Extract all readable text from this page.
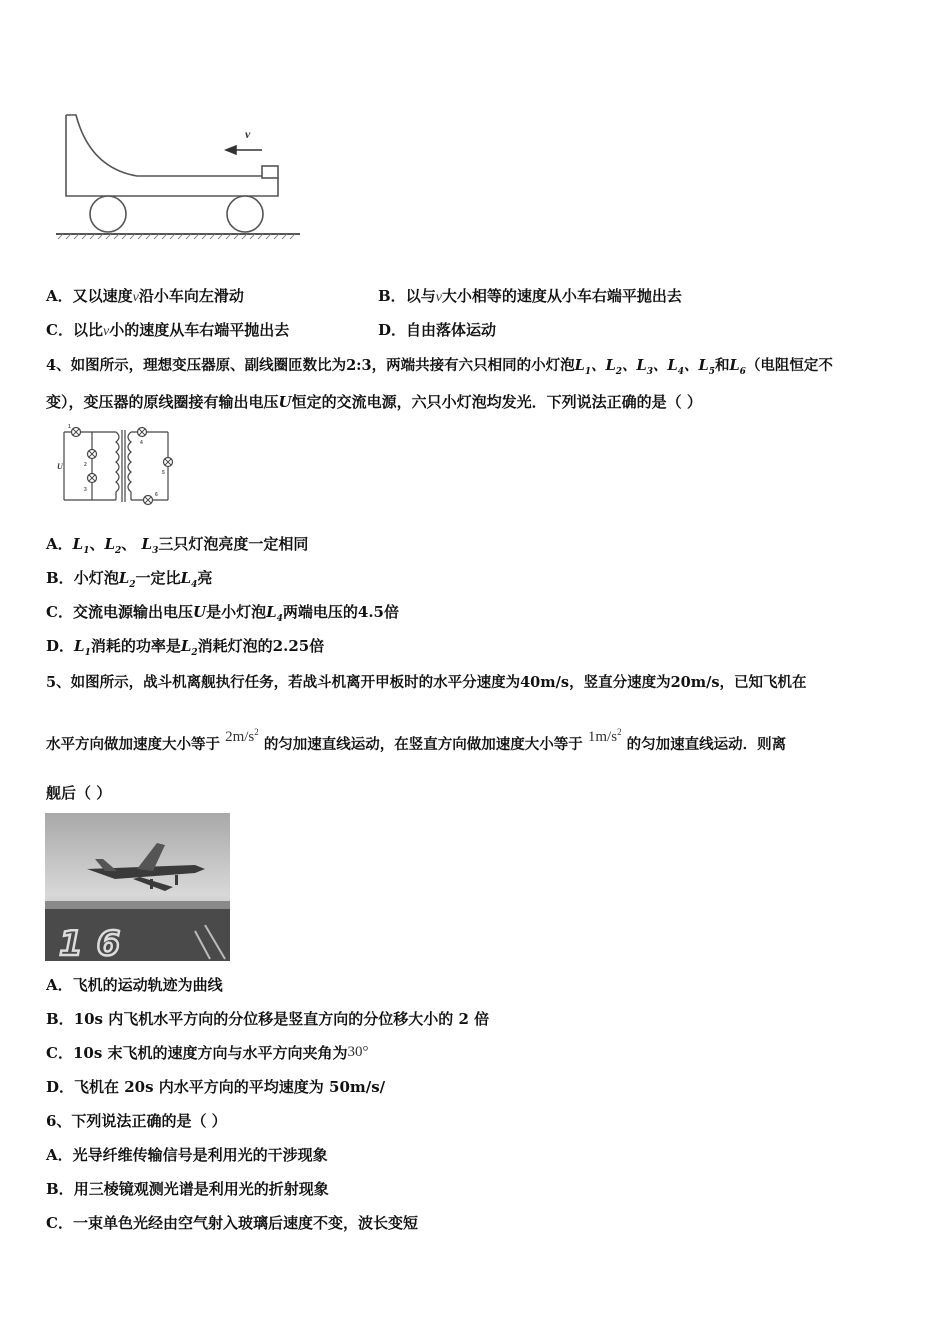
v
A．又以速度v沿小车向左滑动	B．以与v大小相等的速度从小车右端平抛出去
C．以比v小的速度从车右端平抛出去	D．自由落体运动
4、如图所示，理想变压器原、副线圈匝数比为2:3，两端共接有六只相同的小灯泡$L_1$、$L_2$、$L_3$、$L_4$、$L_5$和$L_6$（电阻恒定不
变），变压器的原线圈接有输出电压U恒定的交流电源，六只小灯泡均发光．下列说法正确的是（ ）
U
1
2
3
4
5
6
A．$L_1$、$L_2$、 $L_3$三只灯泡亮度一定相同
B．小灯泡$L_2$一定比$L_4$亮
C．交流电源输出电压U是小灯泡$L_4$两端电压的4.5倍
D．$L_1$消耗的功率是$L_2$消耗灯泡的2.25倍
5、如图所示，战斗机离舰执行任务，若战斗机离开甲板时的水平分速度为40m/s，竖直分速度为20m/s，已知飞机在
水平方向做加速度大小等于 $2m/s^2$ 的匀加速直线运动，在竖直方向做加速度大小等于 $1m/s^2$ 的匀加速直线运动．则离
舰后（ ）
16
A．飞机的运动轨迹为曲线
B．10s 内飞机水平方向的分位移是竖直方向的分位移大小的 2 倍
C．10s 末飞机的速度方向与水平方向夹角为30°
D．飞机在 20s 内水平方向的平均速度为 50m/s/
6、下列说法正确的是（ ）
A．光导纤维传输信号是利用光的干涉现象
B．用三棱镜观测光谱是利用光的折射现象
C．一束单色光经由空气射入玻璃后速度不变，波长变短
